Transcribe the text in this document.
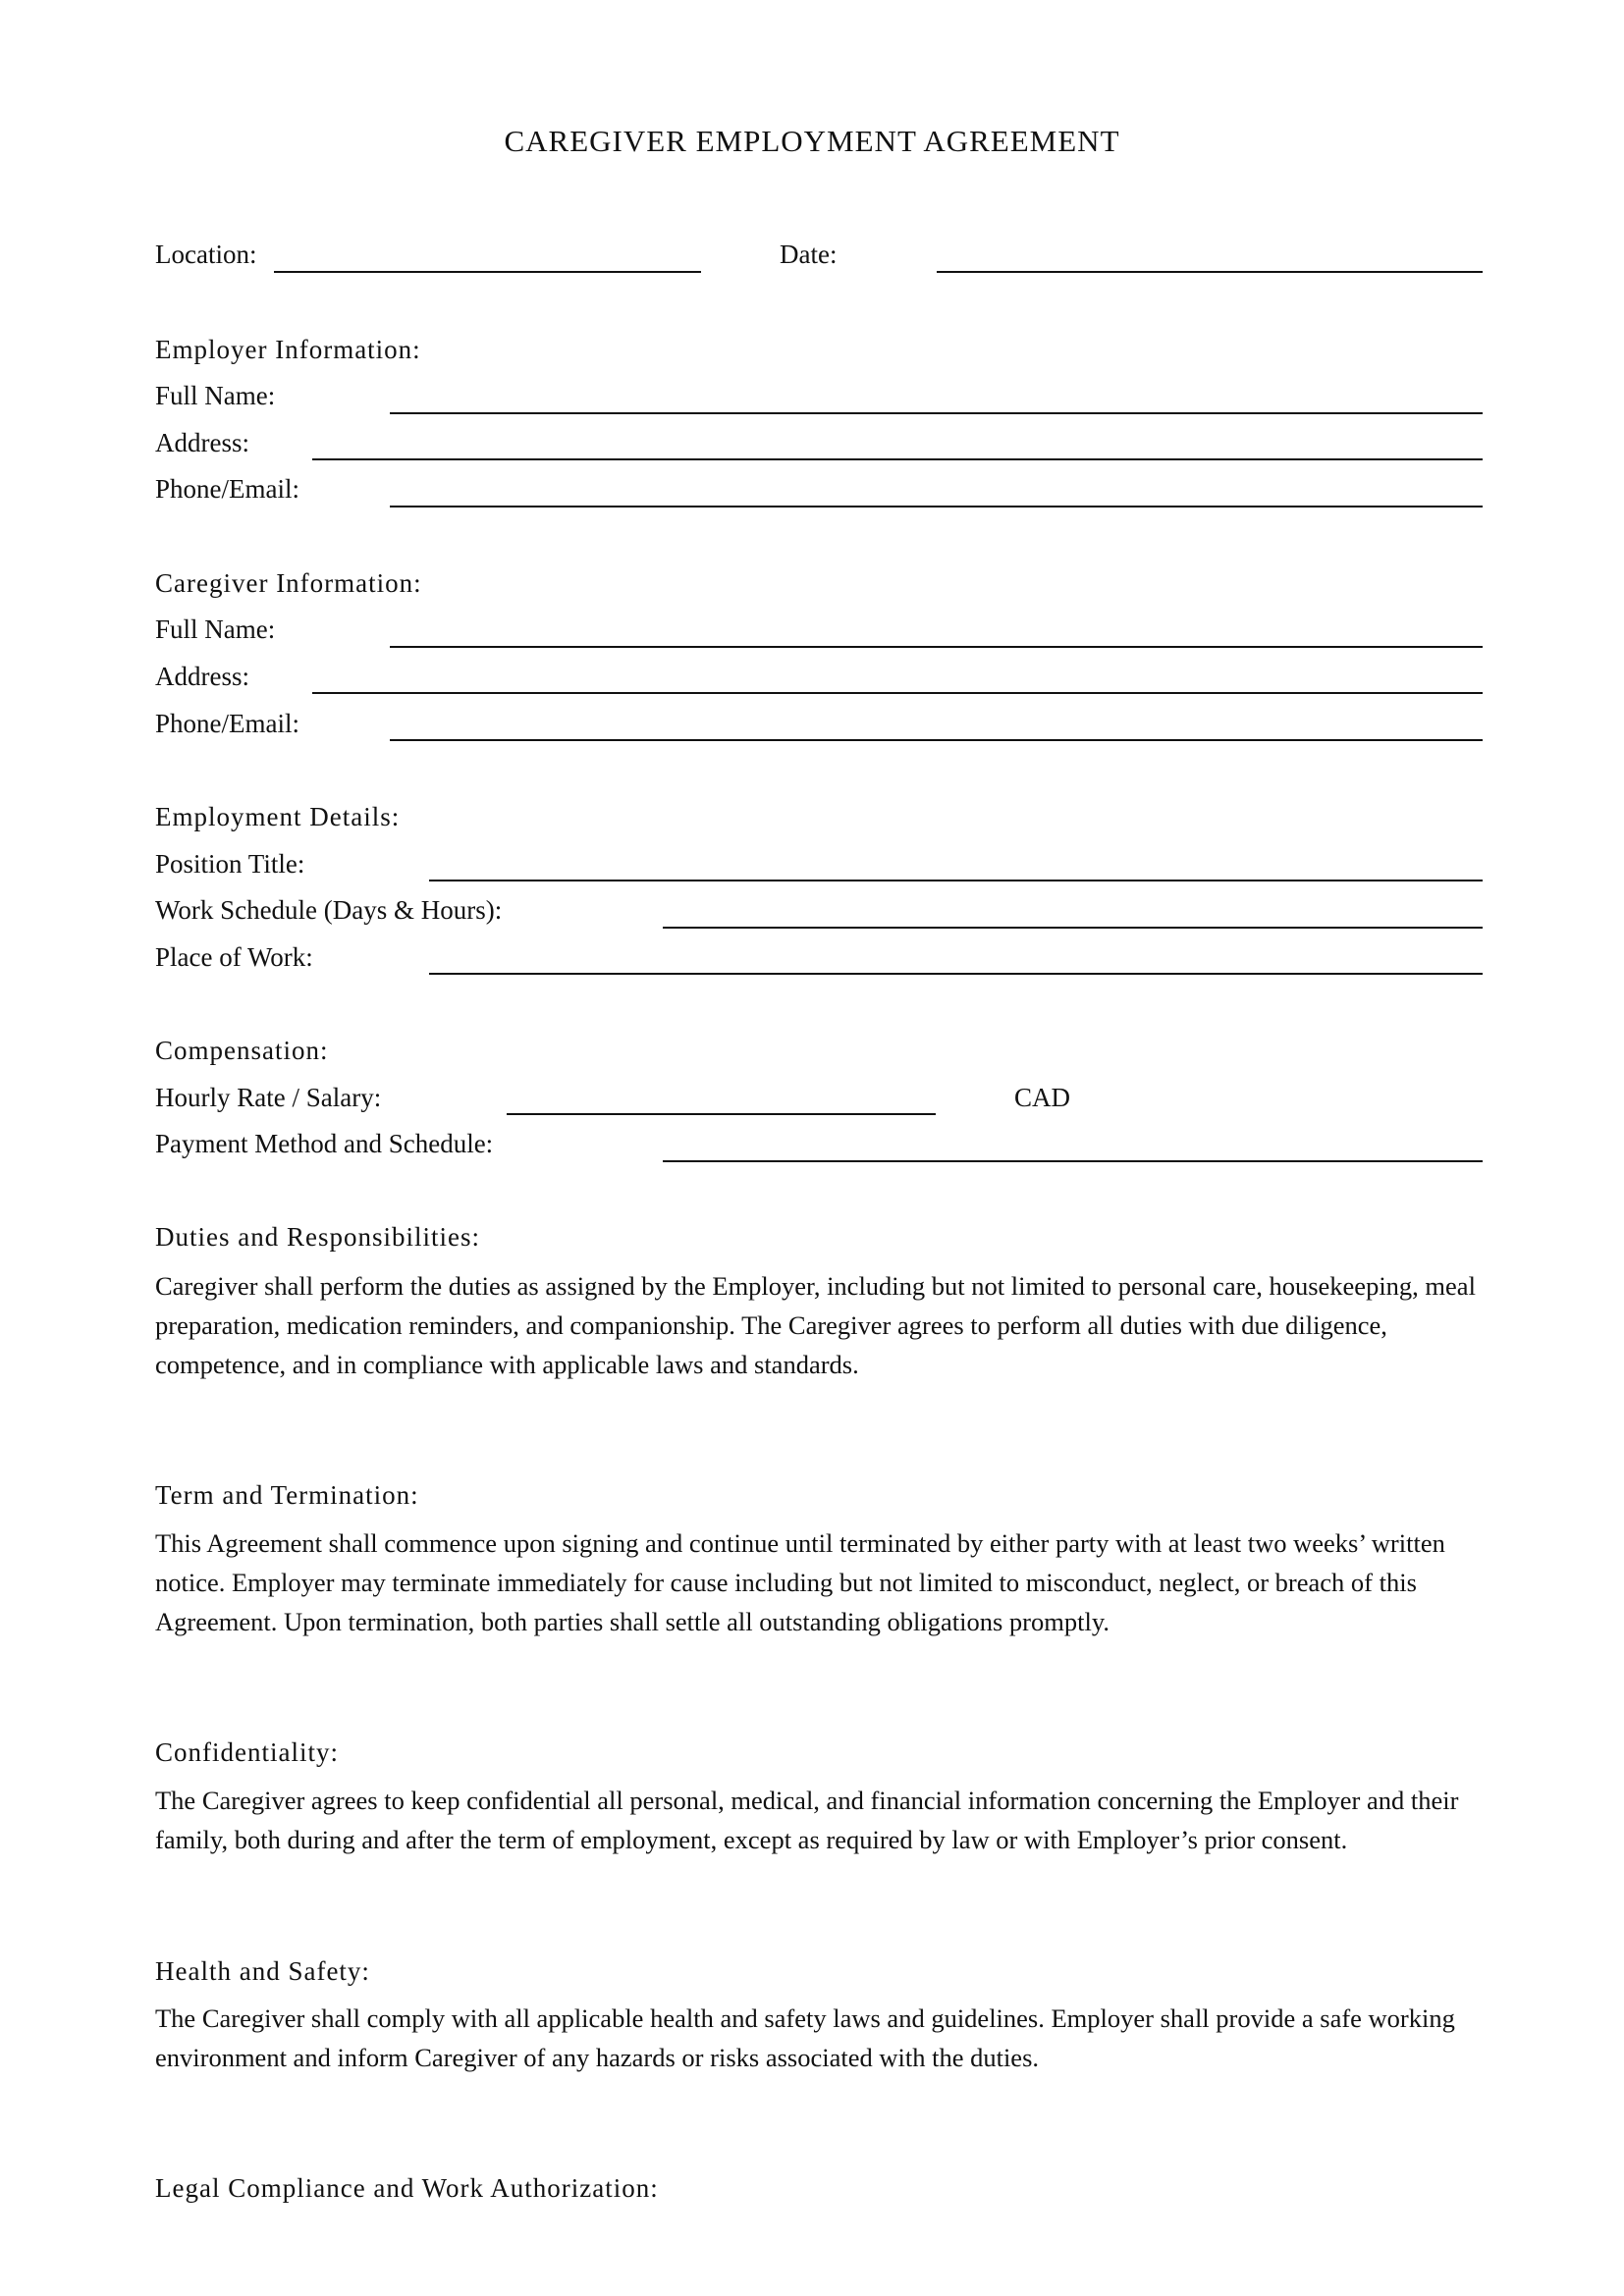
CAREGIVER EMPLOYMENT AGREEMENT
Location:	Date:
Employer Information:
Full Name:
Address:
Phone/Email:
Caregiver Information:
Full Name:
Address:
Phone/Email:
Employment Details:
Position Title:
Work Schedule (Days & Hours):
Place of Work:
Compensation:
Hourly Rate / Salary:	CAD
Payment Method and Schedule:
Duties and Responsibilities:
Caregiver shall perform the duties as assigned by the Employer, including but not limited to personal care, housekeeping, meal preparation, medication reminders, and companionship. The Caregiver agrees to perform all duties with due diligence, competence, and in compliance with applicable laws and standards.
Term and Termination:
This Agreement shall commence upon signing and continue until terminated by either party with at least two weeks’ written notice. Employer may terminate immediately for cause including but not limited to misconduct, neglect, or breach of this Agreement. Upon termination, both parties shall settle all outstanding obligations promptly.
Confidentiality:
The Caregiver agrees to keep confidential all personal, medical, and financial information concerning the Employer and their family, both during and after the term of employment, except as required by law or with Employer’s prior consent.
Health and Safety:
The Caregiver shall comply with all applicable health and safety laws and guidelines. Employer shall provide a safe working environment and inform Caregiver of any hazards or risks associated with the duties.
Legal Compliance and Work Authorization:
